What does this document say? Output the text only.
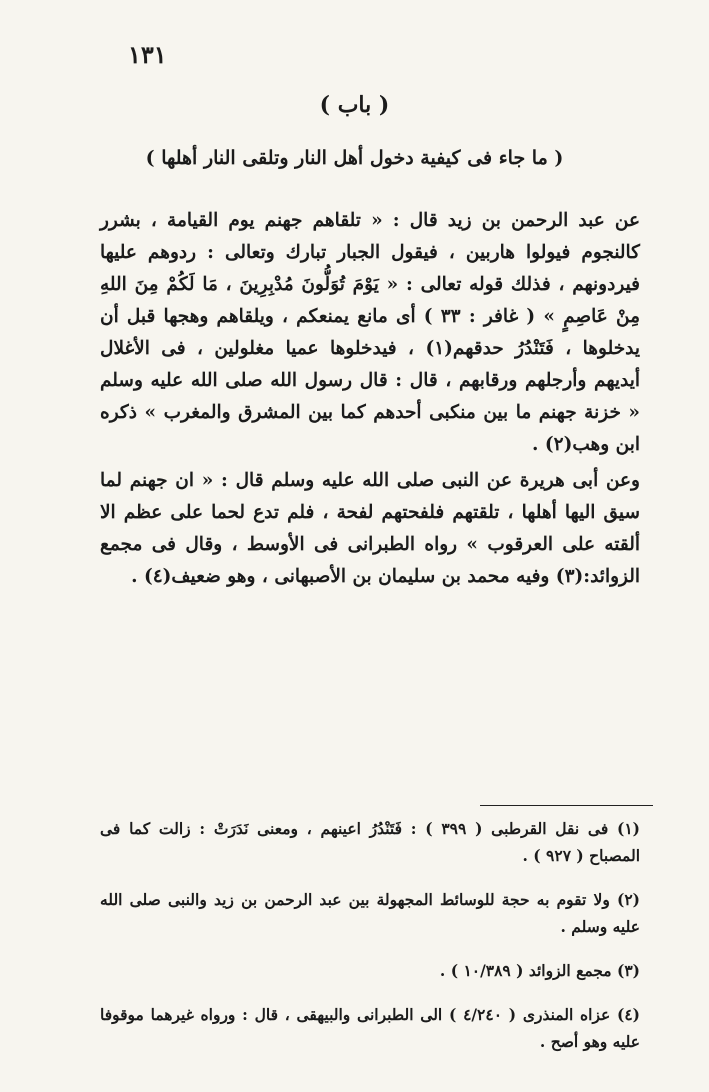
١٣١
( باب )
( ما جاء فى كيفية دخول أهل النار وتلقى النار أهلها )
عن عبد الرحمن بن زيد قال : « تلقاهم جهنم يوم القيامة ، بشرر كالنجوم فيولوا هاربين ، فيقول الجبار تبارك وتعالى : ردوهم عليها فيردونهم ، فذلك قوله تعالى : « يَوْمَ تُوَلُّونَ مُدْبِرِينَ ، مَا لَكُمْ مِنَ اللهِ مِنْ عَاصِمٍ » ( غافر : ٣٣ ) أى مانع يمنعكم ، ويلقاهم وهجها قبل أن يدخلوها ، فَتَنْدُرُ حدقهم(١) ، فيدخلوها عميا مغلولين ، فى الأغلال أيديهم وأرجلهم ورقابهم ، قال : قال رسول الله صلى الله عليه وسلم « خزنة جهنم ما بين منكبى أحدهم كما بين المشرق والمغرب » ذكره ابن وهب(٢) .
وعن أبى هريرة عن النبى صلى الله عليه وسلم قال : « ان جهنم لما سيق اليها أهلها ، تلقتهم فلفحتهم لفحة ، فلم تدع لحما على عظم الا ألقته على العرقوب » رواه الطبرانى فى الأوسط ، وقال فى مجمع الزوائد:(٣) وفيه محمد بن سليمان بن الأصبهانى ، وهو ضعيف(٤) .

(١) فى نقل القرطبى ( ٣٩٩ ) : فَتَنْدُرُ اعينهم ، ومعنى نَدَرَتْ : زالت كما فى المصباح ( ٩٢٧ ) .

(٢) ولا تقوم به حجة للوسائط المجهولة بين عبد الرحمن بن زيد والنبى صلى الله عليه وسلم .

(٣) مجمع الزوائد ( ١٠/٣٨٩ ) .

(٤) عزاه المنذرى ( ٤/٢٤٠ ) الى الطبرانى والبيهقى ، قال : ورواه غيرهما موقوفا عليه وهو أصح .
